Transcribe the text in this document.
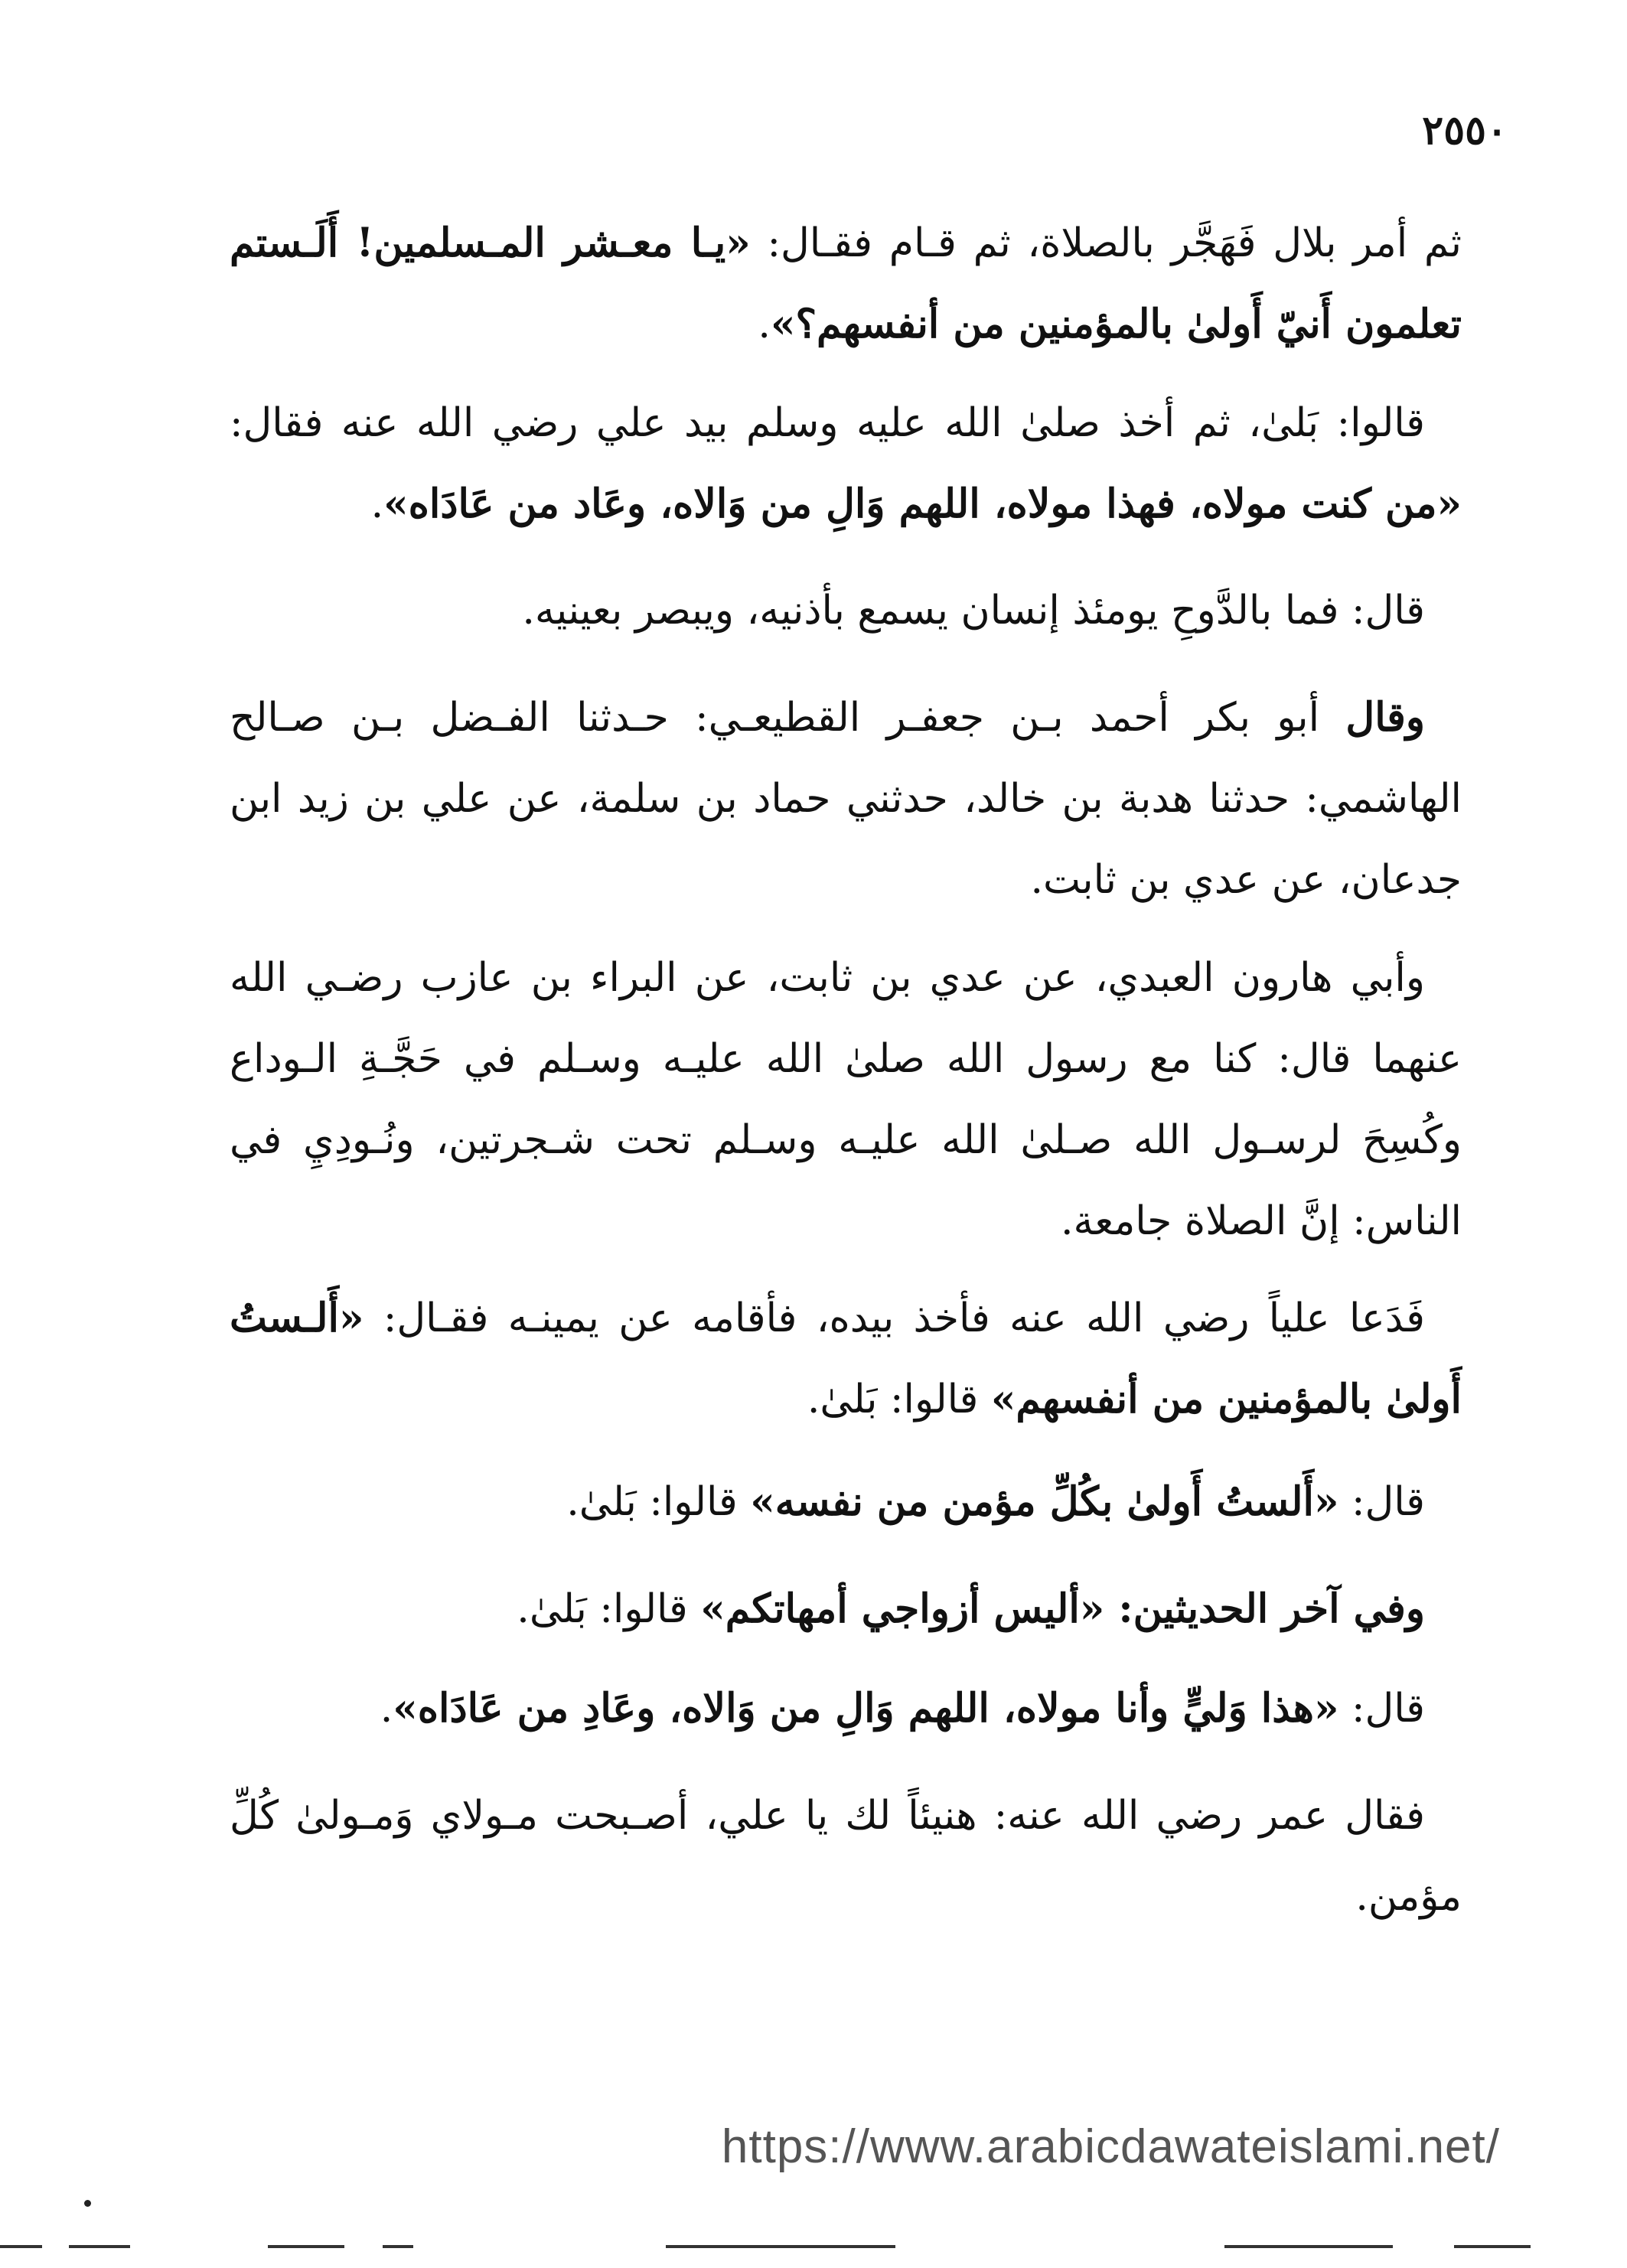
٢٥٥٠

ثم أمر بلال فَهَجَّر بالصلاة، ثم قـام فقـال: «يـا معـشر المـسلمين! أَلَـستم تعلمون أَنيّ أَولىٰ بالمؤمنين من أنفسهم؟».

قالوا: بَلىٰ، ثم أخذ صلىٰ الله عليه وسلم بيد علي رضي الله عنه فقال: «من كنت مولاه، فهذا مولاه، اللهم وَالِ من وَالاه، وعَاد من عَادَاه».

قال: فما بالدَّوحِ يومئذ إنسان يسمع بأذنيه، ويبصر بعينيه.

وقال أبو بكر أحمد بـن جعفـر القطيعـي: حـدثنا الفـضل بـن صـالح الهاشمي: حدثنا هدبة بن خالد، حدثني حماد بن سلمة، عن علي بن زيد ابن جدعان، عن عدي بن ثابت.

وأبي هارون العبدي، عن عدي بن ثابت، عن البراء بن عازب رضـي الله عنهما قال: كنا مع رسول الله صلىٰ الله عليـه وسـلم في حَجَّـةِ الـوداع وكُسِحَ لرسـول الله صـلىٰ الله عليـه وسـلم تحت شـجرتين، ونُـودِيِ في الناس: إنَّ الصلاة جامعة.

فَدَعا علياً رضي الله عنه فأخذ بيده، فأقامه عن يمينـه فقـال: «أَلـستُ أَولىٰ بالمؤمنين من أنفسهم» قالوا: بَلىٰ.

قال: «أَلستُ أَولىٰ بكُلِّ مؤمن من نفسه» قالوا: بَلىٰ.

وفي آخر الحديثين: «أليس أزواجي أمهاتكم» قالوا: بَلىٰ.

قال: «هذا وَليٍّ وأنا مولاه، اللهم وَالِ من وَالاه، وعَادِ من عَادَاه».

فقال عمر رضي الله عنه: هنيئاً لك يا علي، أصـبحت مـولاي وَمـولىٰ كُلِّ مؤمن.

https://www.arabicdawateislami.net/
